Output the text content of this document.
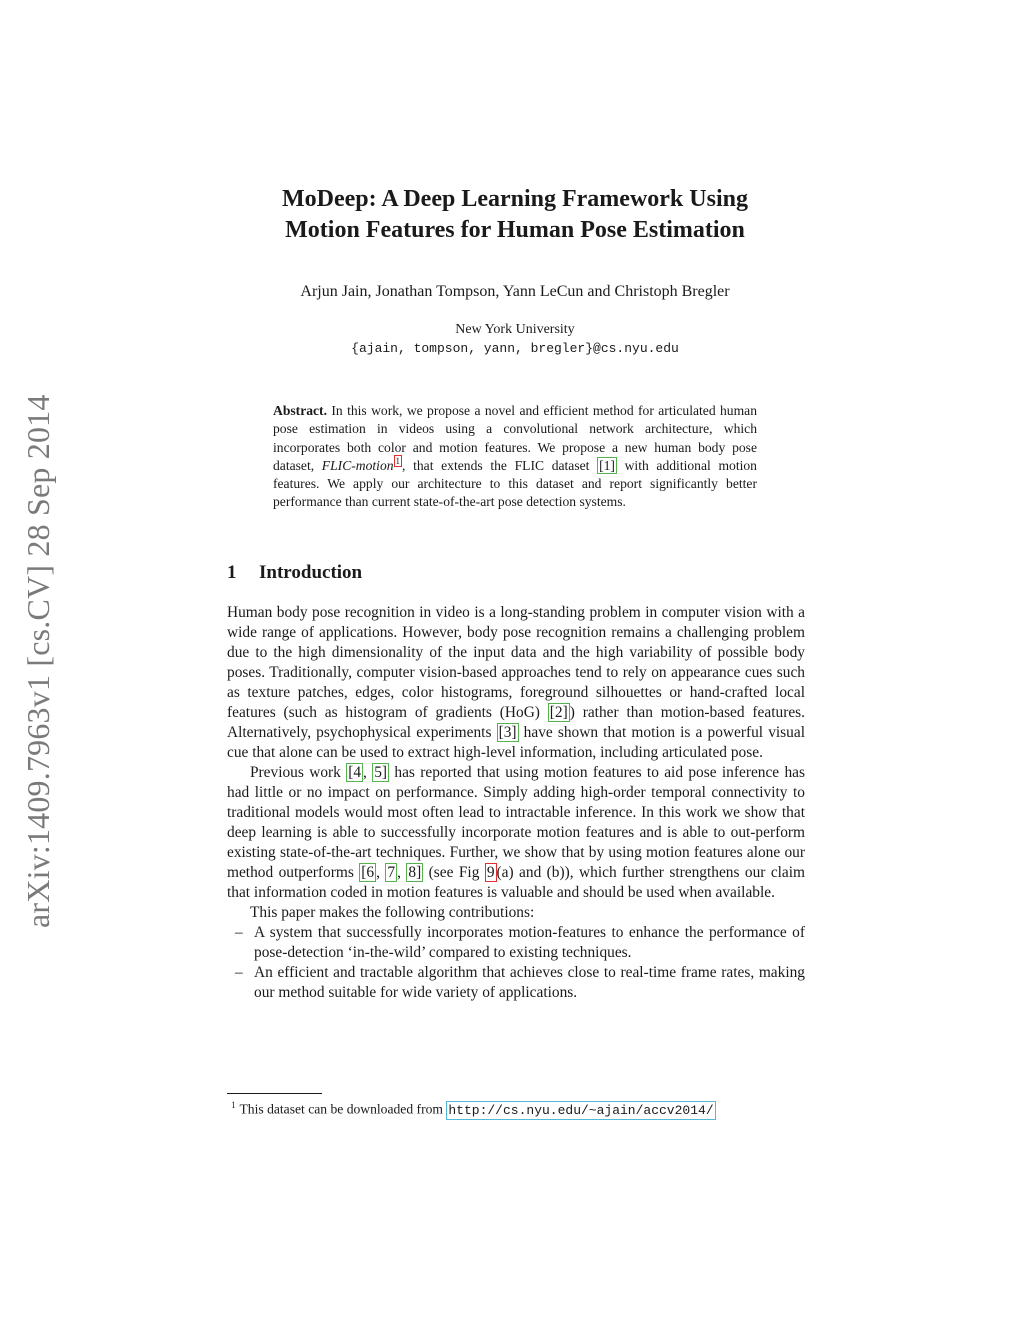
arXiv:1409.7963v1 [cs.CV] 28 Sep 2014
MoDeep: A Deep Learning Framework Using
Motion Features for Human Pose Estimation
Arjun Jain, Jonathan Tompson, Yann LeCun and Christoph Bregler
New York University
{ajain, tompson, yann, bregler}@cs.nyu.edu
Abstract. In this work, we propose a novel and efficient method for articulated human pose estimation in videos using a convolutional network architecture, which incorporates both color and motion features. We propose a new human body pose dataset, FLIC-motion $^1$ , that extends the FLIC dataset [1] with additional motion features. We apply our architecture to this dataset and report significantly better performance than current state-of-the-art pose detection systems.
1 Introduction

Human body pose recognition in video is a long-standing problem in computer vision with a wide range of applications. However, body pose recognition remains a challenging problem due to the high dimensionality of the input data and the high variability of possible body poses. Traditionally, computer vision-based approaches tend to rely on appearance cues such as texture patches, edges, color histograms, foreground silhouettes or hand-crafted local features (such as histogram of gradients (HoG) [2] ) rather than motion-based features. Alternatively, psychophysical experiments [3] have shown that motion is a powerful visual cue that alone can be used to extract high-level information, including articulated pose.

Previous work [4 , 5] has reported that using motion features to aid pose inference has had little or no impact on performance. Simply adding high-order temporal connectivity to traditional models would most often lead to intractable inference. In this work we show that deep learning is able to successfully incorporate motion features and is able to out-perform existing state-of-the-art techniques. Further, we show that by using motion features alone our method outperforms [6 , 7 , 8] (see Fig 9 (a) and (b)), which further strengthens our claim that information coded in motion features is valuable and should be used when available.

This paper makes the following contributions:

– A system that successfully incorporates motion-features to enhance the performance of pose-detection ‘in-the-wild’ compared to existing techniques.
– An efficient and tractable algorithm that achieves close to real-time frame rates, making our method suitable for wide variety of applications.
$^1$ This dataset can be downloaded from http://cs.nyu.edu/~ajain/accv2014/
